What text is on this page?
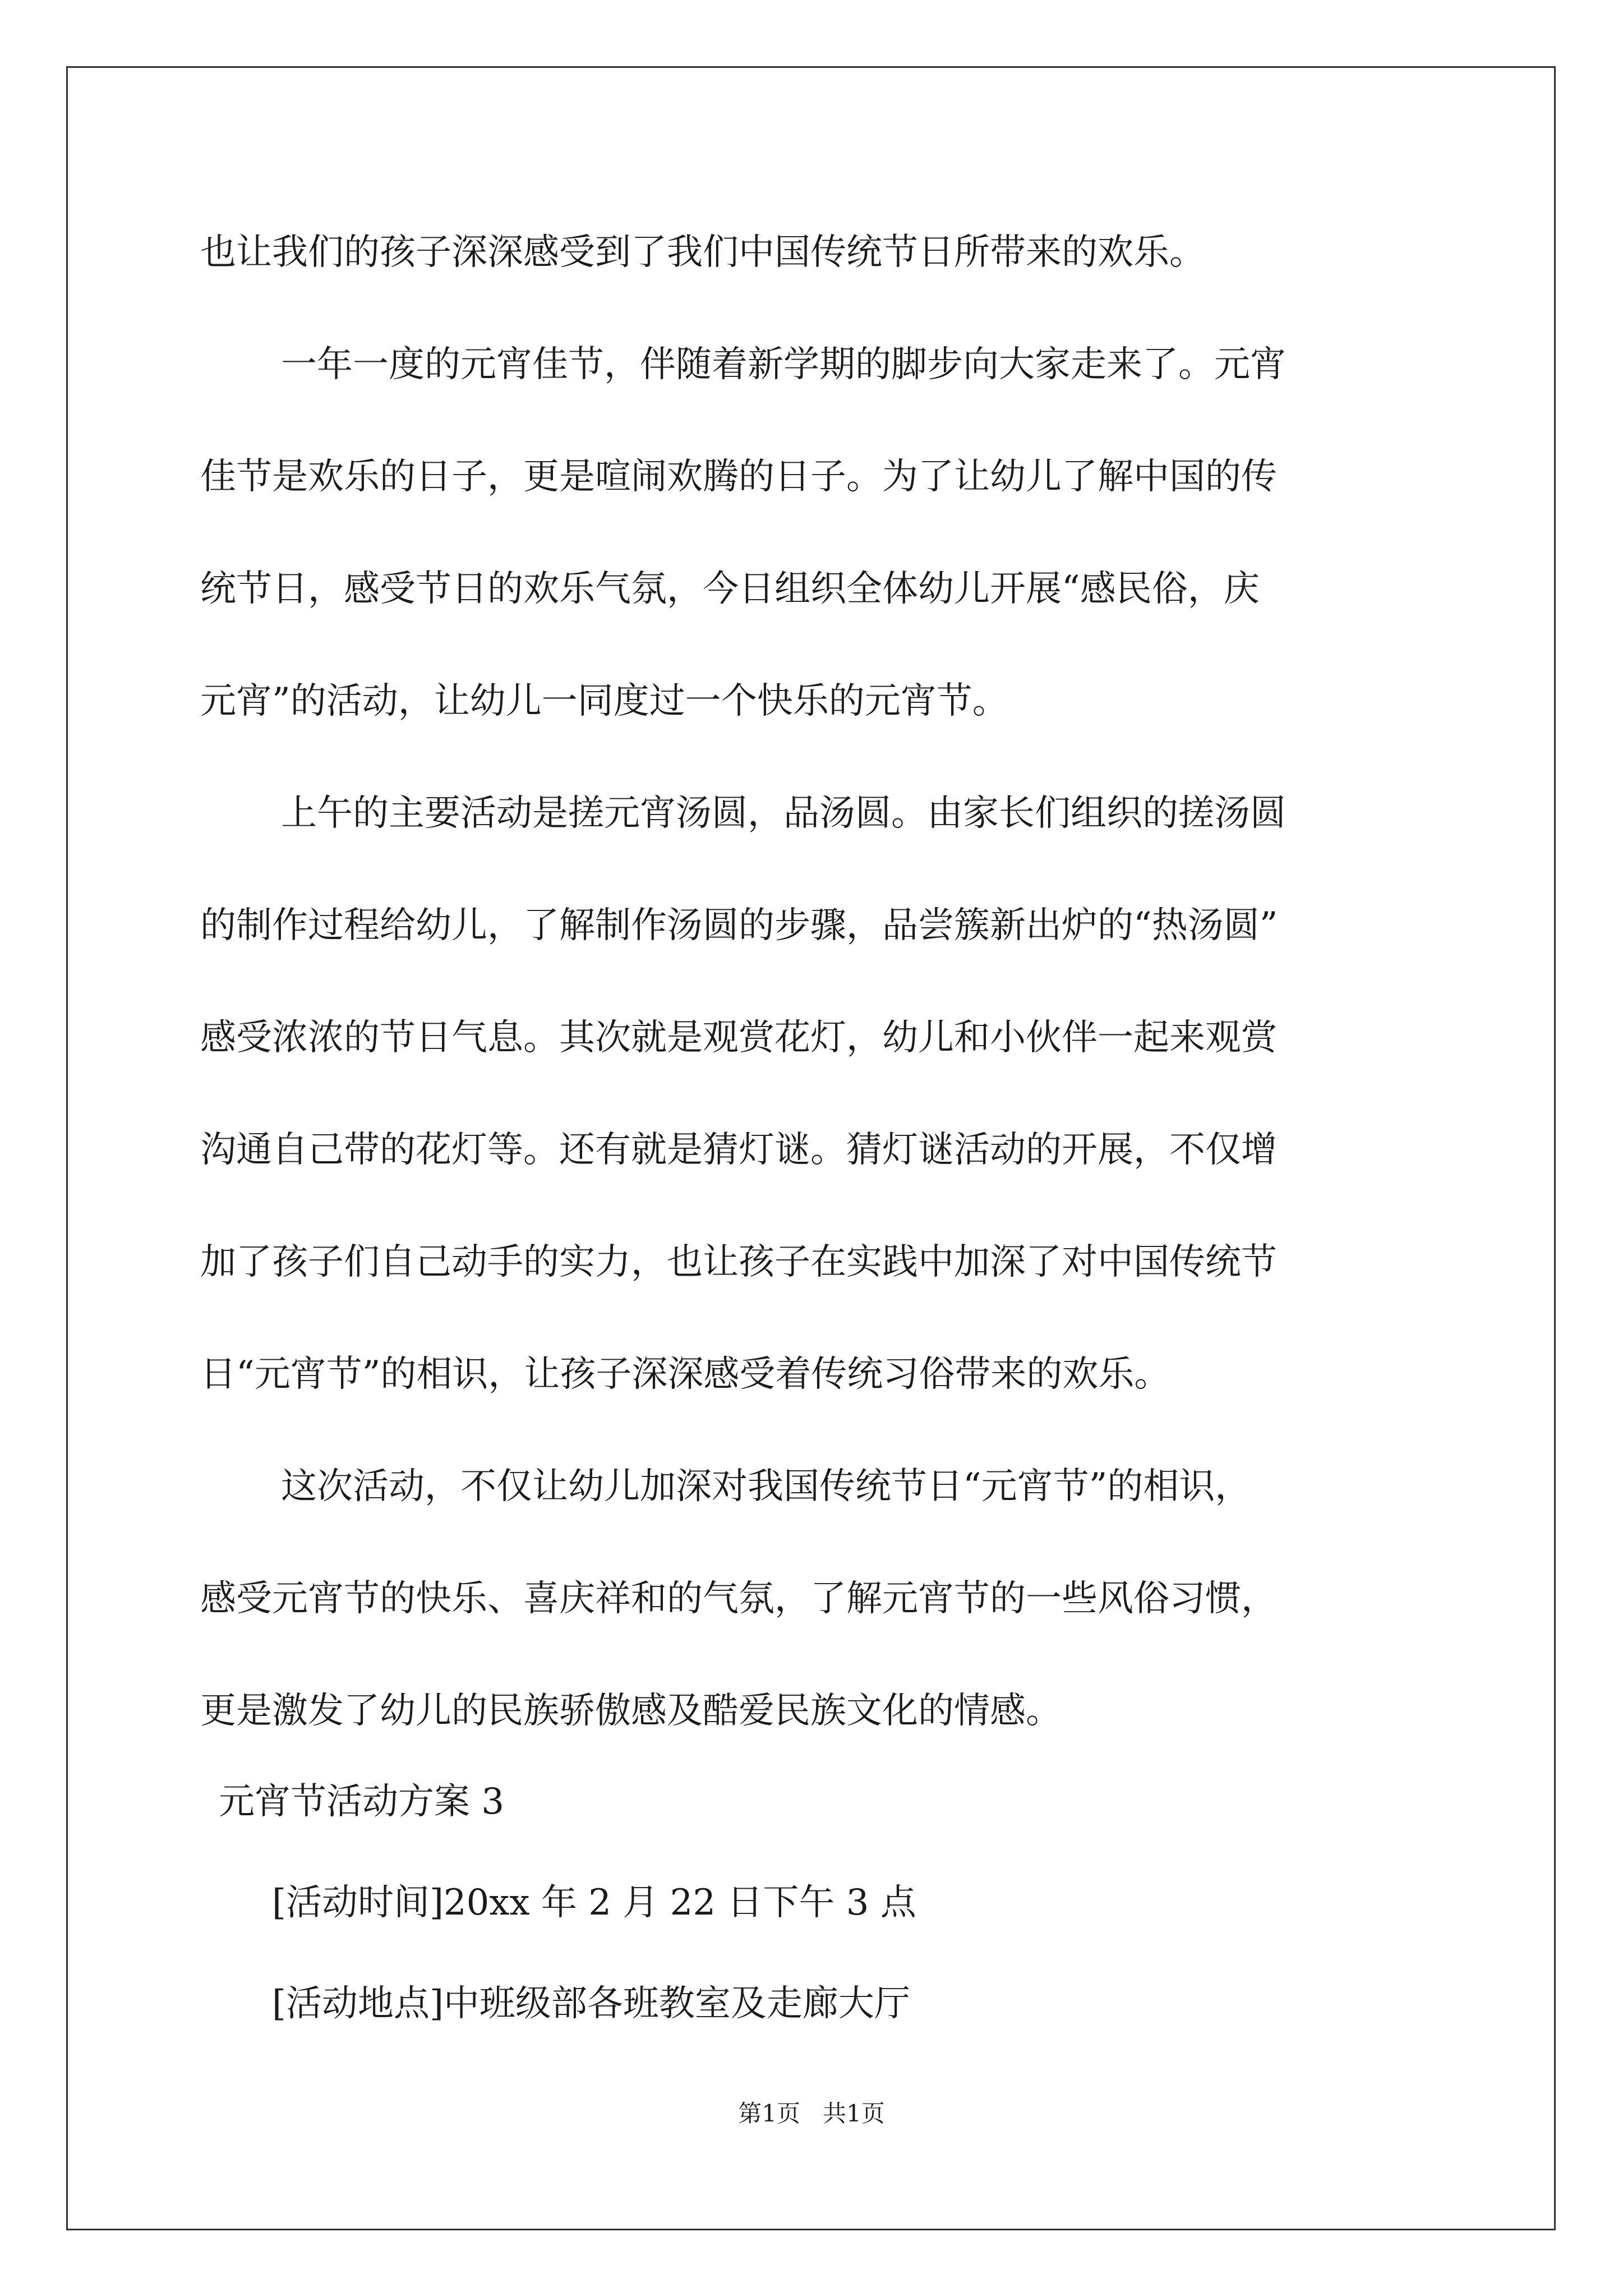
也让我们的孩子深深感受到了我们中国传统节日所带来的欢乐。
一年一度的元宵佳节，伴随着新学期的脚步向大家走来了。元宵
佳节是欢乐的日子，更是喧闹欢腾的日子。为了让幼儿了解中国的传
统节日，感受节日的欢乐气氛，今日组织全体幼儿开展“感民俗，庆
元宵”的活动，让幼儿一同度过一个快乐的元宵节。
上午的主要活动是搓元宵汤圆，品汤圆。由家长们组织的搓汤圆
的制作过程给幼儿，了解制作汤圆的步骤，品尝簇新出炉的“热汤圆”
感受浓浓的节日气息。其次就是观赏花灯，幼儿和小伙伴一起来观赏
沟通自己带的花灯等。还有就是猜灯谜。猜灯谜活动的开展，不仅增
加了孩子们自己动手的实力，也让孩子在实践中加深了对中国传统节
日“元宵节”的相识，让孩子深深感受着传统习俗带来的欢乐。
这次活动，不仅让幼儿加深对我国传统节日“元宵节”的相识，
感受元宵节的快乐、喜庆祥和的气氛，了解元宵节的一些风俗习惯，
更是激发了幼儿的民族骄傲感及酷爱民族文化的情感。
元宵节活动方案 3
[活动时间]20xx 年 2 月 22 日下午 3 点
[活动地点]中班级部各班教室及走廊大厅
第1页   共1页
